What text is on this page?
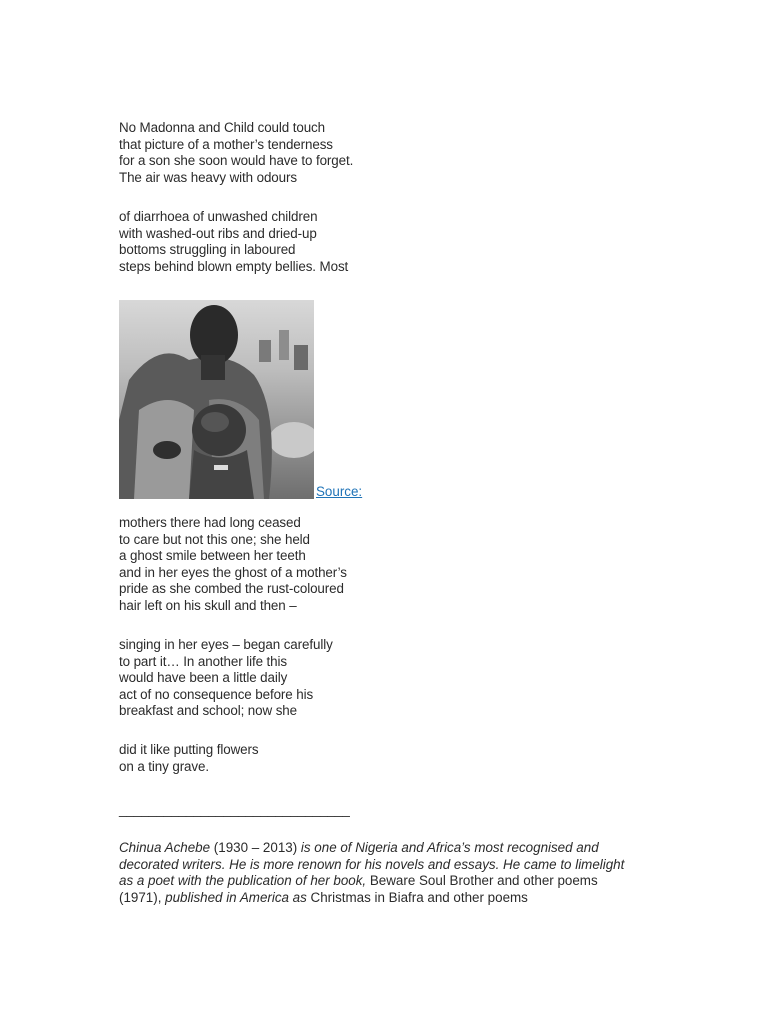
No Madonna and Child could touch
that picture of a mother’s tenderness
for a son she soon would have to forget.
The air was heavy with odours

of diarrhoea of unwashed children
with washed-out ribs and dried-up
bottoms struggling in laboured
steps behind blown empty bellies. Most

Source:

mothers there had long ceased
to care but not this one; she held
a ghost smile between her teeth
and in her eyes the ghost of a mother’s
pride as she combed the rust-coloured
hair left on his skull and then –

singing in her eyes – began carefully
to part it… In another life this
would have been a little daily
act of no consequence before his
breakfast and school; now she

did it like putting flowers
on a tiny grave.

_______________________________

Chinua Achebe (1930 – 2013) is one of Nigeria and Africa’s most recognised and decorated writers. He is more renown for his novels and essays. He came to limelight as a poet with the publication of her book, Beware Soul Brother and other poems (1971), published in America as Christmas in Biafra and other poems
